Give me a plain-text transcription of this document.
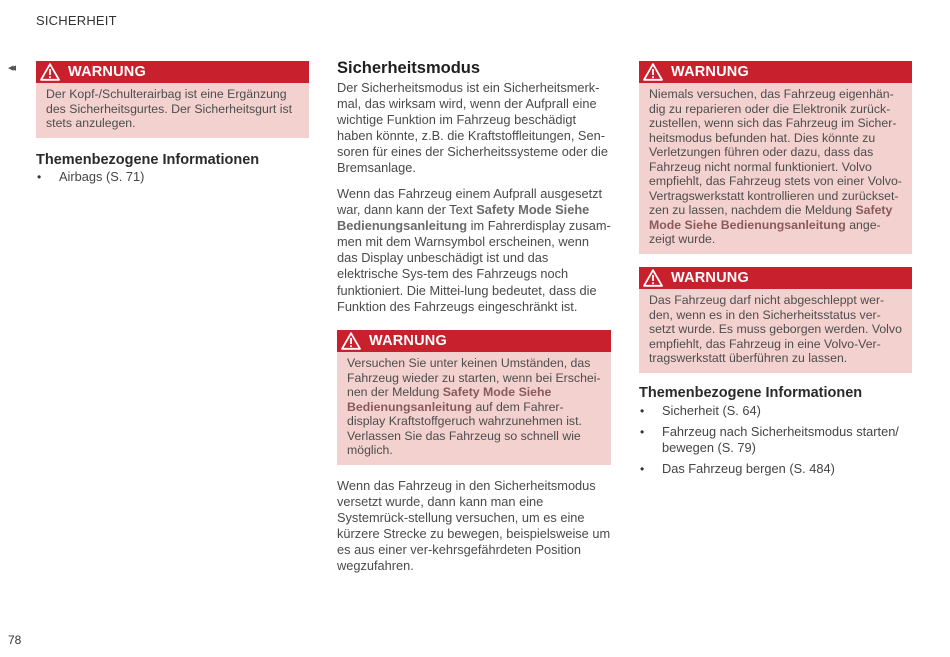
SICHERHEIT
◂◂
78
WARNUNG
Der Kopf-/Schulterairbag ist eine Ergänzung des Sicherheitsgurtes. Der Sicherheitsgurt ist stets anzulegen.
Themenbezogene Informationen
• Airbags (S. 71)
Sicherheitsmodus

Der Sicherheitsmodus ist ein Sicherheitsmerk-mal, das wirksam wird, wenn der Aufprall eine wichtige Funktion im Fahrzeug beschädigt haben könnte, z.B. die Kraftstoffleitungen, Sen-soren für eines der Sicherheitssysteme oder die Bremsanlage.

Wenn das Fahrzeug einem Aufprall ausgesetzt war, dann kann der Text Safety Mode Siehe Bedienungsanleitung im Fahrerdisplay zusam-men mit dem Warnsymbol erscheinen, wenn das Display unbeschädigt ist und das elektrische Sys-tem des Fahrzeugs noch funktioniert. Die Mittei-lung bedeutet, dass die Funktion des Fahrzeugs eingeschränkt ist.

WARNUNG
Versuchen Sie unter keinen Umständen, das Fahrzeug wieder zu starten, wenn bei Erschei-nen der Meldung Safety Mode Siehe Bedienungsanleitung auf dem Fahrer-display Kraftstoffgeruch wahrzunehmen ist. Verlassen Sie das Fahrzeug so schnell wie möglich.

Wenn das Fahrzeug in den Sicherheitsmodus versetzt wurde, dann kann man eine Systemrück-stellung versuchen, um es eine kürzere Strecke zu bewegen, beispielsweise um es aus einer ver-kehrsgefährdeten Position wegzufahren.

WARNUNG
Niemals versuchen, das Fahrzeug eigenhän-dig zu reparieren oder die Elektronik zurück-zustellen, wenn sich das Fahrzeug im Sicher-heitsmodus befunden hat. Dies könnte zu Verletzungen führen oder dazu, dass das Fahrzeug nicht normal funktioniert. Volvo empfiehlt, das Fahrzeug stets von einer Volvo-Vertragswerkstatt kontrollieren und zurückset-zen zu lassen, nachdem die Meldung Safety Mode Siehe Bedienungsanleitung ange-zeigt wurde.
WARNUNG
Das Fahrzeug darf nicht abgeschleppt wer-den, wenn es in den Sicherheitsstatus ver-setzt wurde. Es muss geborgen werden. Volvo empfiehlt, das Fahrzeug in eine Volvo-Ver-tragswerkstatt überführen zu lassen.
Themenbezogene Informationen
• Sicherheit (S. 64)
• Fahrzeug nach Sicherheitsmodus starten/ bewegen (S. 79)
• Das Fahrzeug bergen (S. 484)
